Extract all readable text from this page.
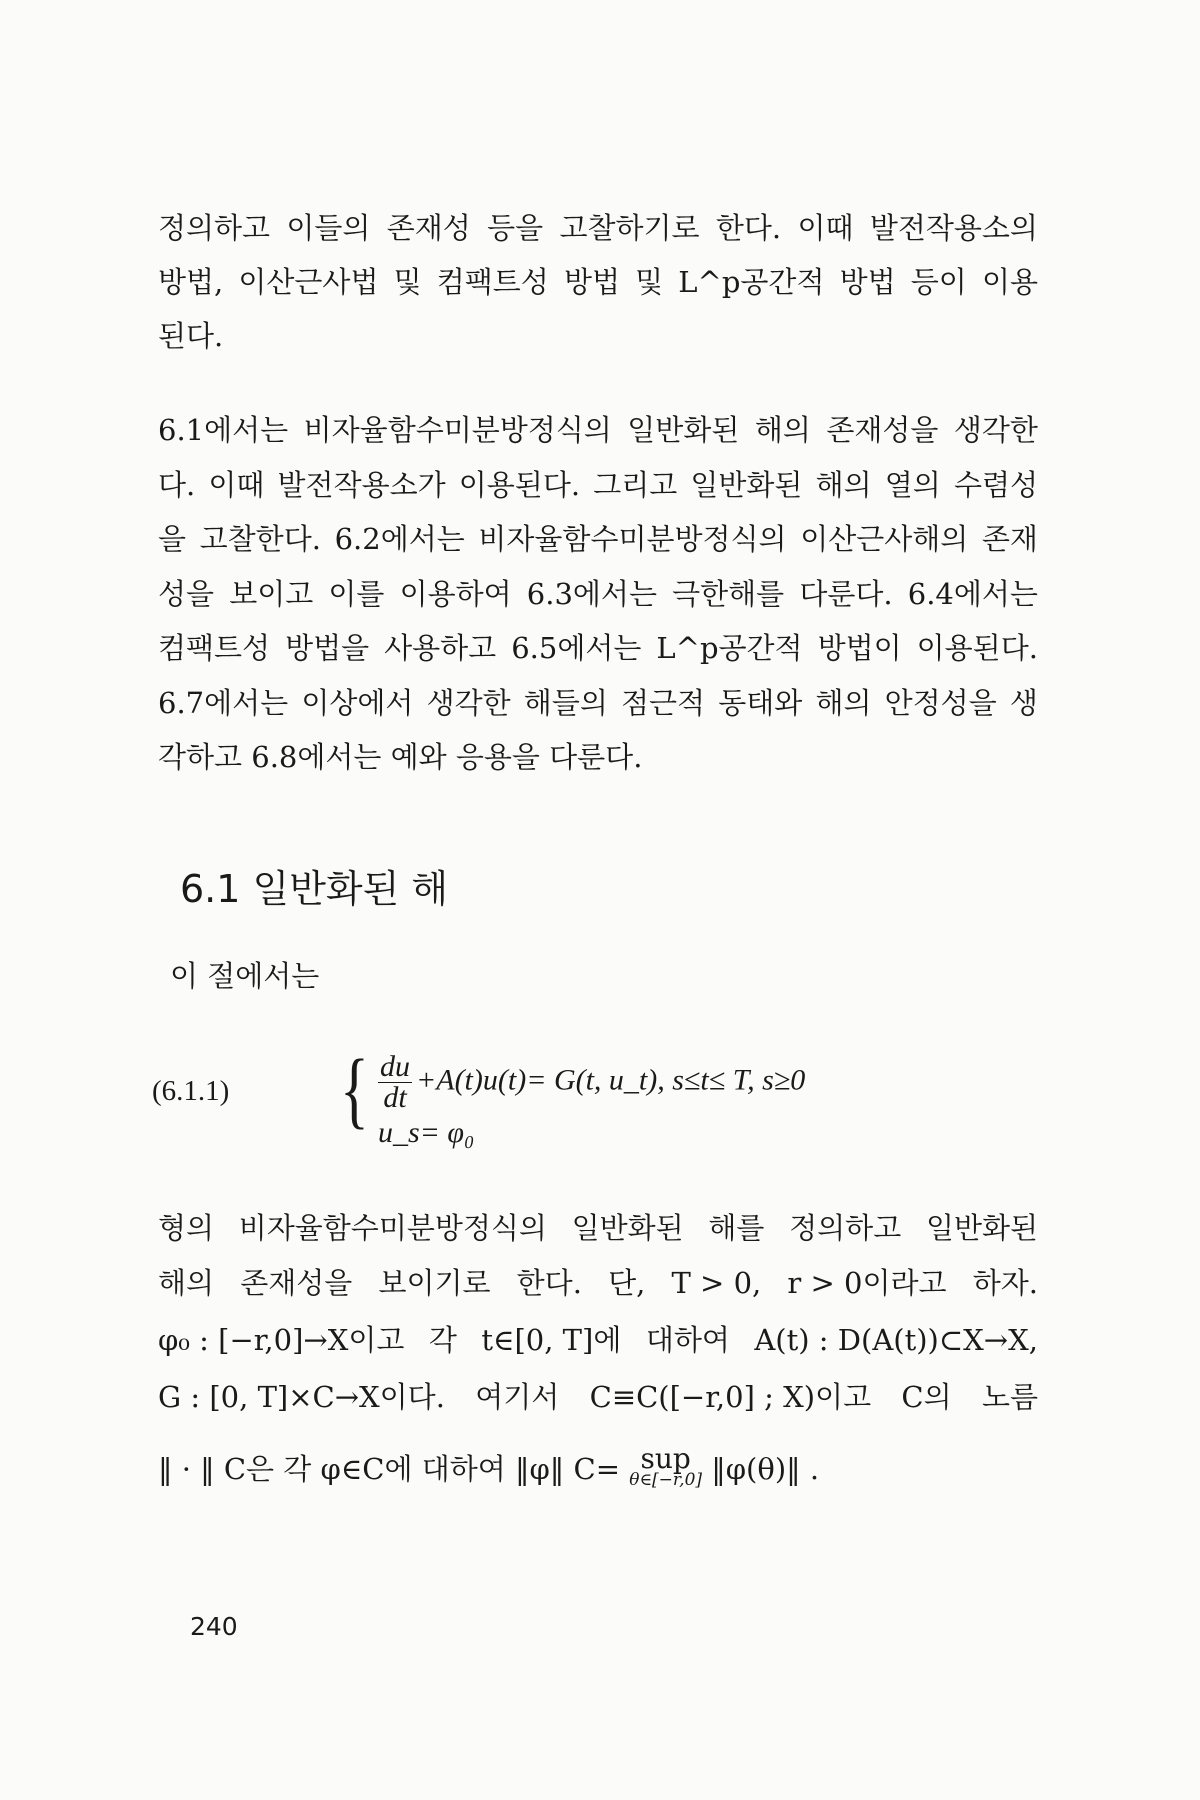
정의하고 이들의 존재성 등을 고찰하기로 한다. 이때 발전작용소의
방법, 이산근사법 및 컴팩트성 방법 및 L^p공간적 방법 등이 이용
된다.
6.1에서는 비자율함수미분방정식의 일반화된 해의 존재성을 생각한
다. 이때 발전작용소가 이용된다. 그리고 일반화된 해의 열의 수렴성
을 고찰한다. 6.2에서는 비자율함수미분방정식의 이산근사해의 존재
성을 보이고 이를 이용하여 6.3에서는 극한해를 다룬다. 6.4에서는
컴팩트성 방법을 사용하고 6.5에서는 L^p공간적 방법이 이용된다.
6.7에서는 이상에서 생각한 해들의 점근적 동태와 해의 안정성을 생
각하고 6.8에서는 예와 응용을 다룬다.
6.1 일반화된 해
이 절에서는
(6.1.1) { $\frac{du}{dt} +A(t)u(t)= G(t$, u_t), s≤t≤ T, s≥0
u_s= φ₀
형의 비자율함수미분방정식의 일반화된 해를 정의하고 일반화된
해의 존재성을 보이기로 한다. 단, T > 0, r > 0이라고 하자.
φ₀ : [−r,0]→X이고 각 t∈[0, T]에 대하여 A(t) : D(A(t))⊂X→X,
G : [0, T]×C→X이다. 여기서 C≡C([−r,0] ; X)이고 C의 노름
‖ · ‖ C은 각 φ∈C에 대하여 ‖φ‖ C= sup
θ∈[−r,0] ‖φ(θ)‖ .
240
